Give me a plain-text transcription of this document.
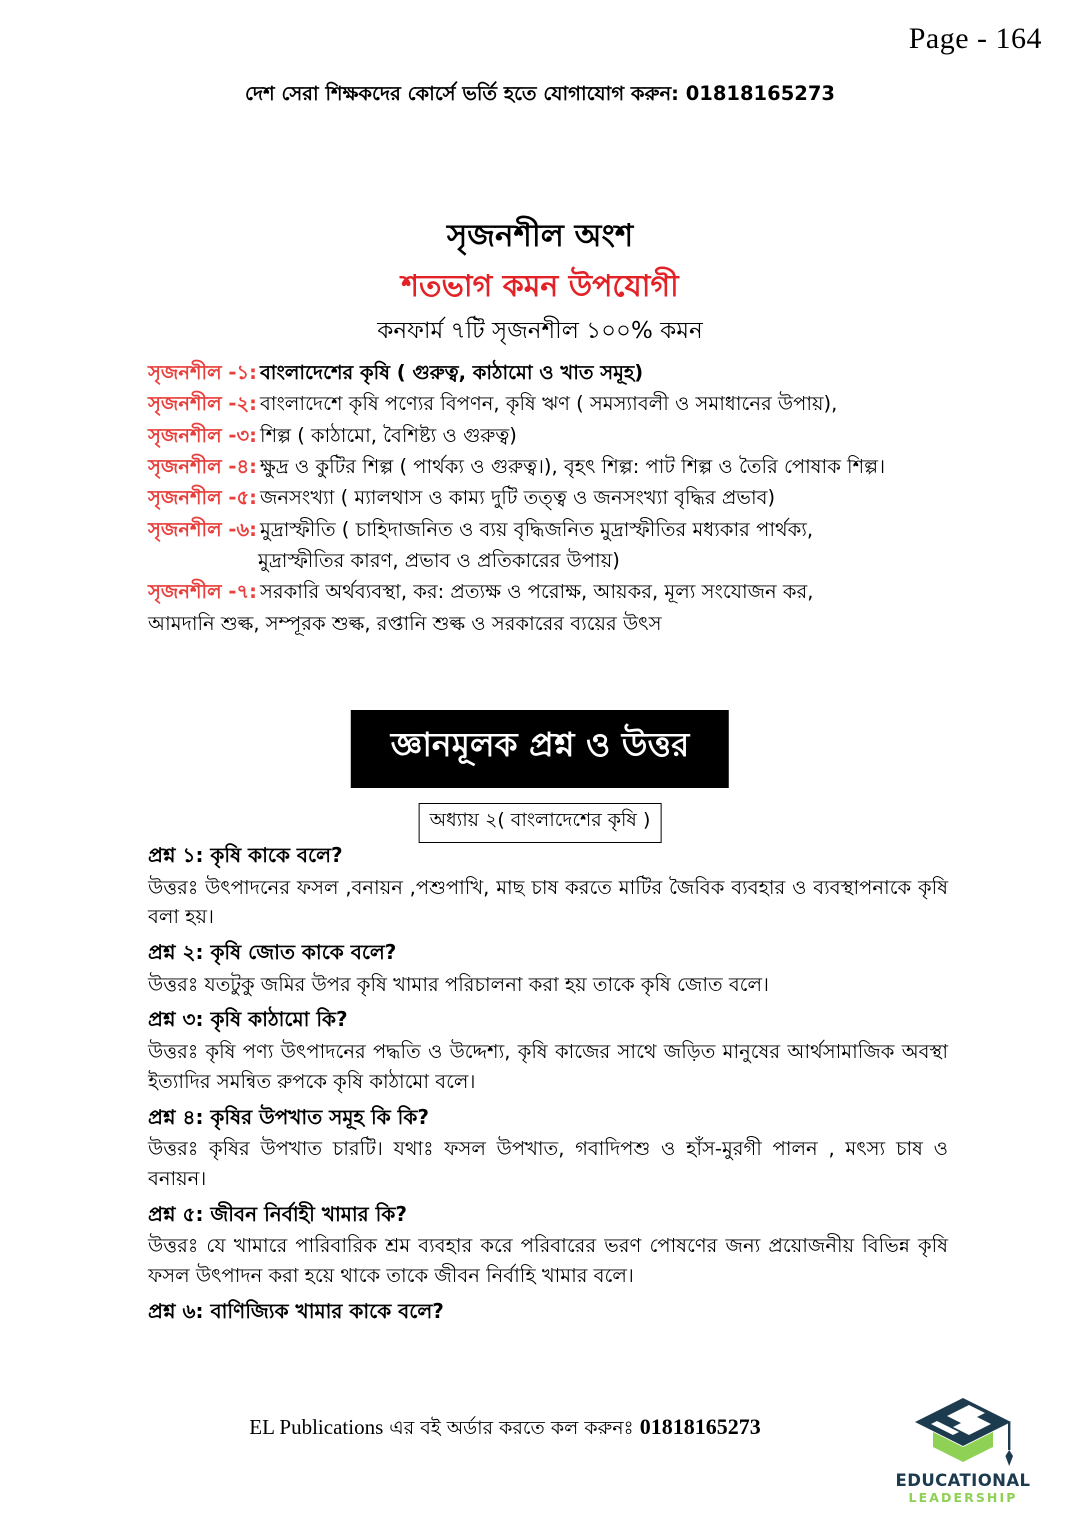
Page - 164
দেশ সেরা শিক্ষকদের কোর্সে ভর্তি হতে যোগাযোগ করুন: 01818165273
সৃজনশীল অংশ
শতভাগ কমন উপযোগী
কনফার্ম ৭টি সৃজনশীল ১০০% কমন
সৃজনশীল -১: বাংলাদেশের কৃষি ( গুরুত্ব, কাঠামো ও খাত সমূহ)
সৃজনশীল -২: বাংলাদেশে কৃষি পণ্যের বিপণন, কৃষি ঋণ ( সমস্যাবলী ও সমাধানের উপায়),
সৃজনশীল -৩: শিল্প ( কাঠামো, বৈশিষ্ট্য ও গুরুত্ব)
সৃজনশীল -৪: ক্ষুদ্র ও কুটির শিল্প ( পার্থক্য ও গুরুত্ব।), বৃহৎ শিল্প: পাট শিল্প ও তৈরি পোষাক শিল্প।
সৃজনশীল -৫: জনসংখ্যা ( ম্যালথাস ও কাম্য দুটি তত্ত্ব ও জনসংখ্যা বৃদ্ধির প্রভাব)
সৃজনশীল -৬: মুদ্রাস্ফীতি ( চাহিদাজনিত ও ব্যয় বৃদ্ধিজনিত মুদ্রাস্ফীতির মধ্যকার পার্থক্য,
মুদ্রাস্ফীতির কারণ, প্রভাব ও প্রতিকারের উপায়)
সৃজনশীল -৭: সরকারি অর্থব্যবস্থা, কর: প্রত্যক্ষ ও পরোক্ষ, আয়কর, মূল্য সংযোজন কর,
আমদানি শুল্ক, সম্পূরক শুল্ক, রপ্তানি শুল্ক ও সরকারের ব্যয়ের উৎস
জ্ঞানমূলক প্রশ্ন ও উত্তর
অধ্যায় ২( বাংলাদেশের কৃষি )
প্রশ্ন ১: কৃষি কাকে বলে?
উত্তরঃ উৎপাদনের ফসল ,বনায়ন ,পশুপাখি, মাছ চাষ করতে মাটির জৈবিক ব্যবহার ও ব্যবস্থাপনাকে কৃষি বলা হয়।
প্রশ্ন ২: কৃষি জোত কাকে বলে?
উত্তরঃ যতটুকু জমির উপর কৃষি খামার পরিচালনা করা হয় তাকে কৃষি জোত বলে।
প্রশ্ন ৩: কৃষি কাঠামো কি?
উত্তরঃ কৃষি পণ্য উৎপাদনের পদ্ধতি ও উদ্দেশ্য, কৃষি কাজের সাথে জড়িত মানুষের আর্থসামাজিক অবস্থা ইত্যাদির সমন্বিত রুপকে কৃষি কাঠামো বলে।
প্রশ্ন ৪: কৃষির উপখাত সমূহ কি কি?
উত্তরঃ কৃষির উপখাত চারটি। যথাঃ ফসল উপখাত, গবাদিপশু ও হাঁস-মুরগী পালন , মৎস্য চাষ ও বনায়ন।
প্রশ্ন ৫: জীবন নির্বাহী খামার কি?
উত্তরঃ যে খামারে পারিবারিক শ্রম ব্যবহার করে পরিবারের ভরণ পোষণের জন্য প্রয়োজনীয় বিভিন্ন কৃষি ফসল উৎপাদন করা হয়ে থাকে তাকে জীবন নির্বাহি খামার বলে।
প্রশ্ন ৬: বাণিজ্যিক খামার কাকে বলে?
EL Publications এর বই অর্ডার করতে কল করুনঃ 01818165273
EDUCATIONAL
LEADERSHIP
